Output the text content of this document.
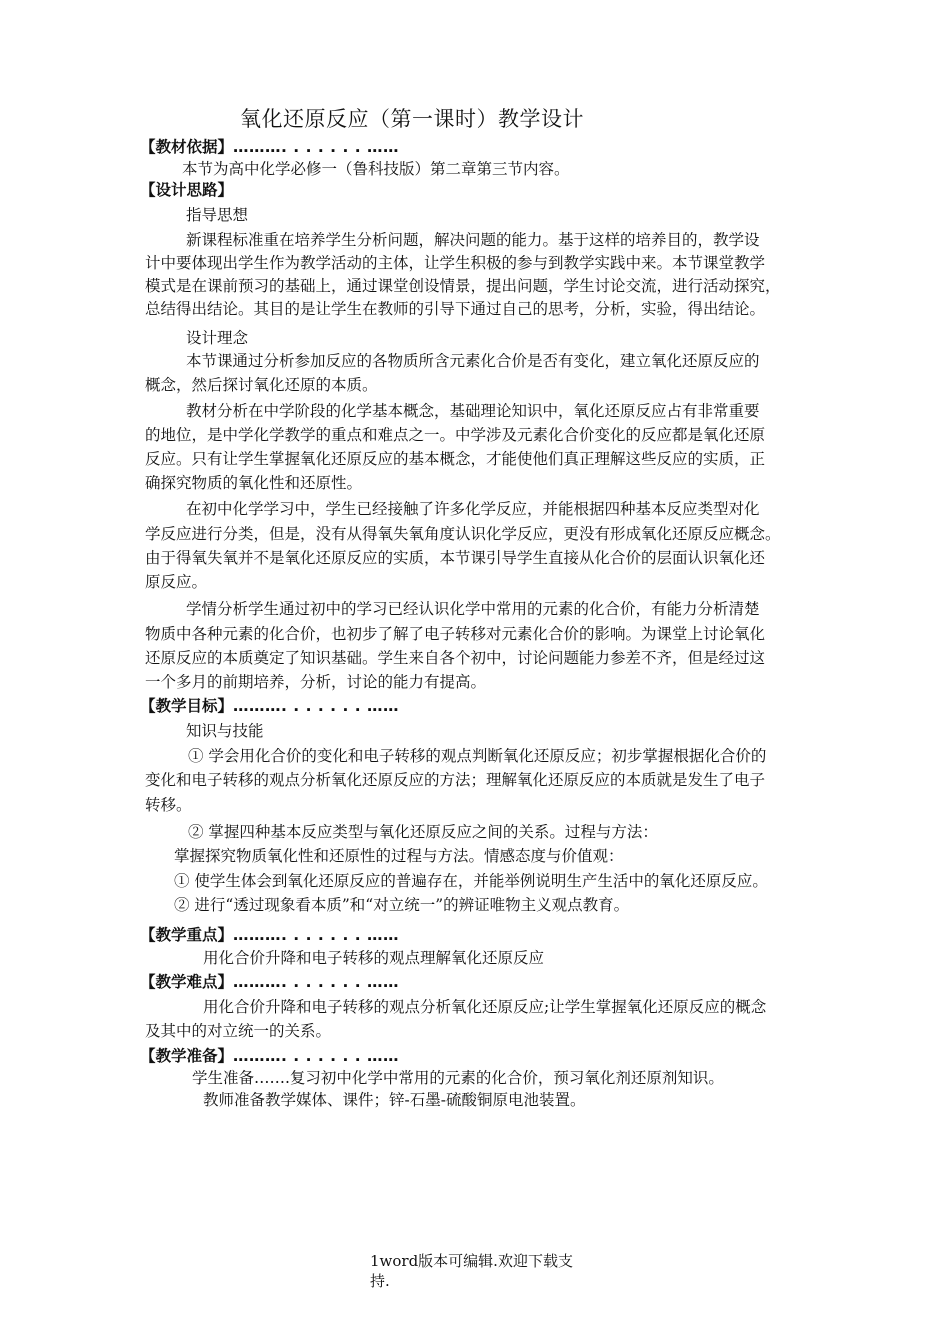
氧化还原反应（第一课时）教学设计
【教材依据】………. . . . . . . ……
本节为高中化学必修一（鲁科技版）第二章第三节内容。
【设计思路】
指导思想
新课程标准重在培养学生分析问题，解决问题的能力。基于这样的培养目的，教学设
计中要体现出学生作为教学活动的主体，让学生积极的参与到教学实践中来。本节课堂教学
模式是在课前预习的基础上，通过课堂创设情景，提出问题，学生讨论交流，进行活动探究，
总结得出结论。其目的是让学生在教师的引导下通过自己的思考，分析，实验，得出结论。
设计理念
本节课通过分析参加反应的各物质所含元素化合价是否有变化，建立氧化还原反应的
概念，然后探讨氧化还原的本质。
教材分析在中学阶段的化学基本概念，基础理论知识中，氧化还原反应占有非常重要
的地位，是中学化学教学的重点和难点之一。中学涉及元素化合价变化的反应都是氧化还原
反应。只有让学生掌握氧化还原反应的基本概念，才能使他们真正理解这些反应的实质，正
确探究物质的氧化性和还原性。
在初中化学学习中，学生已经接触了许多化学反应，并能根据四种基本反应类型对化
学反应进行分类，但是，没有从得氧失氧角度认识化学反应，更没有形成氧化还原反应概念。
由于得氧失氧并不是氧化还原反应的实质，本节课引导学生直接从化合价的层面认识氧化还
原反应。
学情分析学生通过初中的学习已经认识化学中常用的元素的化合价，有能力分析清楚
物质中各种元素的化合价，也初步了解了电子转移对元素化合价的影响。为课堂上讨论氧化
还原反应的本质奠定了知识基础。学生来自各个初中，讨论问题能力参差不齐，但是经过这
一个多月的前期培养，分析，讨论的能力有提高。
【教学目标】………. . . . . . . ……
知识与技能
① 学会用化合价的变化和电子转移的观点判断氧化还原反应；初步掌握根据化合价的
变化和电子转移的观点分析氧化还原反应的方法；理解氧化还原反应的本质就是发生了电子
转移。
② 掌握四种基本反应类型与氧化还原反应之间的关系。过程与方法：
掌握探究物质氧化性和还原性的过程与方法。情感态度与价值观：
① 使学生体会到氧化还原反应的普遍存在，并能举例说明生产生活中的氧化还原反应。
② 进行“透过现象看本质”和“对立统一”的辨证唯物主义观点教育。
【教学重点】………. . . . . . . ……
用化合价升降和电子转移的观点理解氧化还原反应
【教学难点】………. . . . . . . ……
用化合价升降和电子转移的观点分析氧化还原反应;让学生掌握氧化还原反应的概念
及其中的对立统一的关系。
【教学准备】………. . . . . . . ……
学生准备…….复习初中化学中常用的元素的化合价，预习氧化剂还原剂知识。
教师准备教学媒体、课件；锌-石墨-硫酸铜原电池装置。
1word版本可编辑.欢迎下载支
持.
